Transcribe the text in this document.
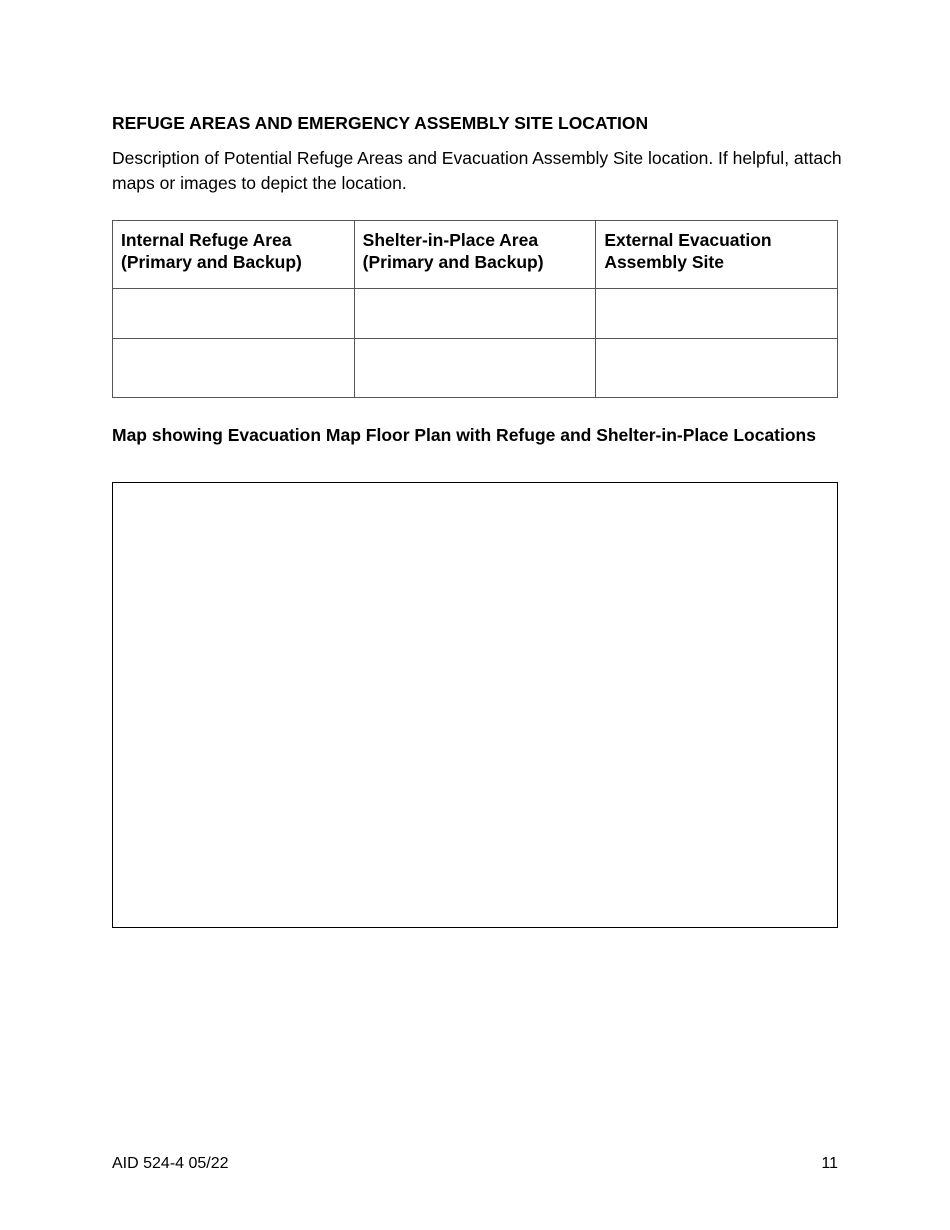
REFUGE AREAS AND EMERGENCY ASSEMBLY SITE LOCATION

Description of Potential Refuge Areas and Evacuation Assembly Site location. If helpful, attach maps or images to depict the location.

Internal Refuge Area (Primary and Backup)	Shelter-in-Place Area (Primary and Backup)	External Evacuation Assembly Site

Map showing Evacuation Map Floor Plan with Refuge and Shelter-in-Place Locations
AID 524-4 05/22	11
